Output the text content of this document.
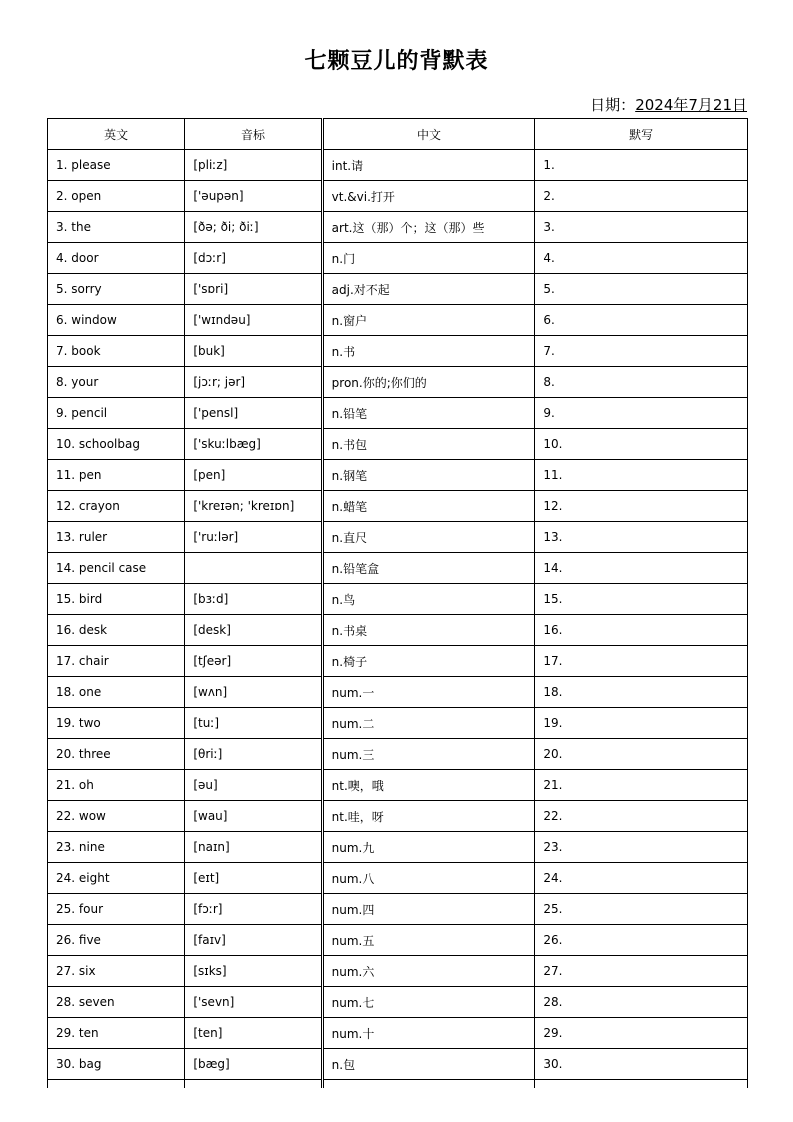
七颗豆儿的背默表
日期：2024年7月21日
英文	音标	中文	默写
1. please	[pliːz]	int.请	1.
2. open	['əupən]	vt.&vi.打开	2.
3. the	[ðə; ði; ðiː]	art.这（那）个；这（那）些	3.
4. door	[dɔːr]	n.门	4.
5. sorry	['sɒri]	adj.对不起	5.
6. window	['wɪndəu]	n.窗户	6.
7. book	[buk]	n.书	7.
8. your	[jɔːr; jər]	pron.你的;你们的	8.
9. pencil	['pensl]	n.铅笔	9.
10. schoolbag	['skuːlbæg]	n.书包	10.
11. pen	[pen]	n.钢笔	11.
12. crayon	['kreɪən; 'kreɪɒn]	n.蜡笔	12.
13. ruler	['ruːlər]	n.直尺	13.
14. pencil case		n.铅笔盒	14.
15. bird	[bɜːd]	n.鸟	15.
16. desk	[desk]	n.书桌	16.
17. chair	[tʃeər]	n.椅子	17.
18. one	[wʌn]	num.一	18.
19. two	[tuː]	num.二	19.
20. three	[θriː]	num.三	20.
21. oh	[əu]	nt.噢，哦	21.
22. wow	[wau]	nt.哇，呀	22.
23. nine	[naɪn]	num.九	23.
24. eight	[eɪt]	num.八	24.
25. four	[fɔːr]	num.四	25.
26. five	[faɪv]	num.五	26.
27. six	[sɪks]	num.六	27.
28. seven	['sevn]	num.七	28.
29. ten	[ten]	num.十	29.
30. bag	[bæg]	n.包	30.
